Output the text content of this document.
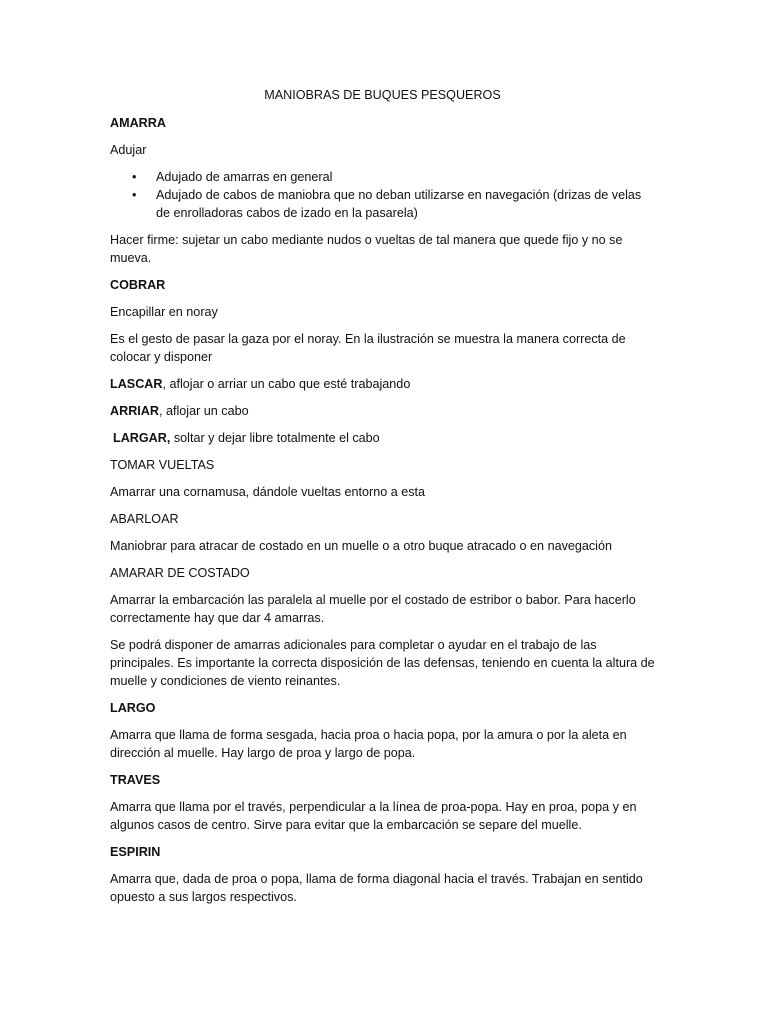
MANIOBRAS DE BUQUES PESQUEROS
AMARRA

Adujar

• Adujado de amarras en general
• Adujado de cabos de maniobra que no deban utilizarse en navegación (drizas de velas de enrolladoras cabos de izado en la pasarela)

Hacer firme: sujetar un cabo mediante nudos o vueltas de tal manera que quede fijo y no se mueva.

COBRAR

Encapillar en noray

Es el gesto de pasar la gaza por el noray. En la ilustración se muestra la manera correcta de colocar y disponer

LASCAR, aflojar o arriar un cabo que esté trabajando

ARRIAR, aflojar un cabo

LARGAR, soltar y dejar libre totalmente el cabo

TOMAR VUELTAS

Amarrar una cornamusa, dándole vueltas entorno a esta

ABARLOAR

Maniobrar para atracar de costado en un muelle o a otro buque atracado o en navegación

AMARAR DE COSTADO

Amarrar la embarcación las paralela al muelle por el costado de estribor o babor. Para hacerlo correctamente hay que dar 4 amarras.

Se podrá disponer de amarras adicionales para completar o ayudar en el trabajo de las principales. Es importante la correcta disposición de las defensas, teniendo en cuenta la altura de muelle y condiciones de viento reinantes.

LARGO

Amarra que llama de forma sesgada, hacia proa o hacia popa, por la amura o por la aleta en dirección al muelle. Hay largo de proa y largo de popa.

TRAVES

Amarra que llama por el través, perpendicular a la línea de proa-popa. Hay en proa, popa y en algunos casos de centro. Sirve para evitar que la embarcación se separe del muelle.

ESPIRIN

Amarra que, dada de proa o popa, llama de forma diagonal hacia el través. Trabajan en sentido opuesto a sus largos respectivos.
